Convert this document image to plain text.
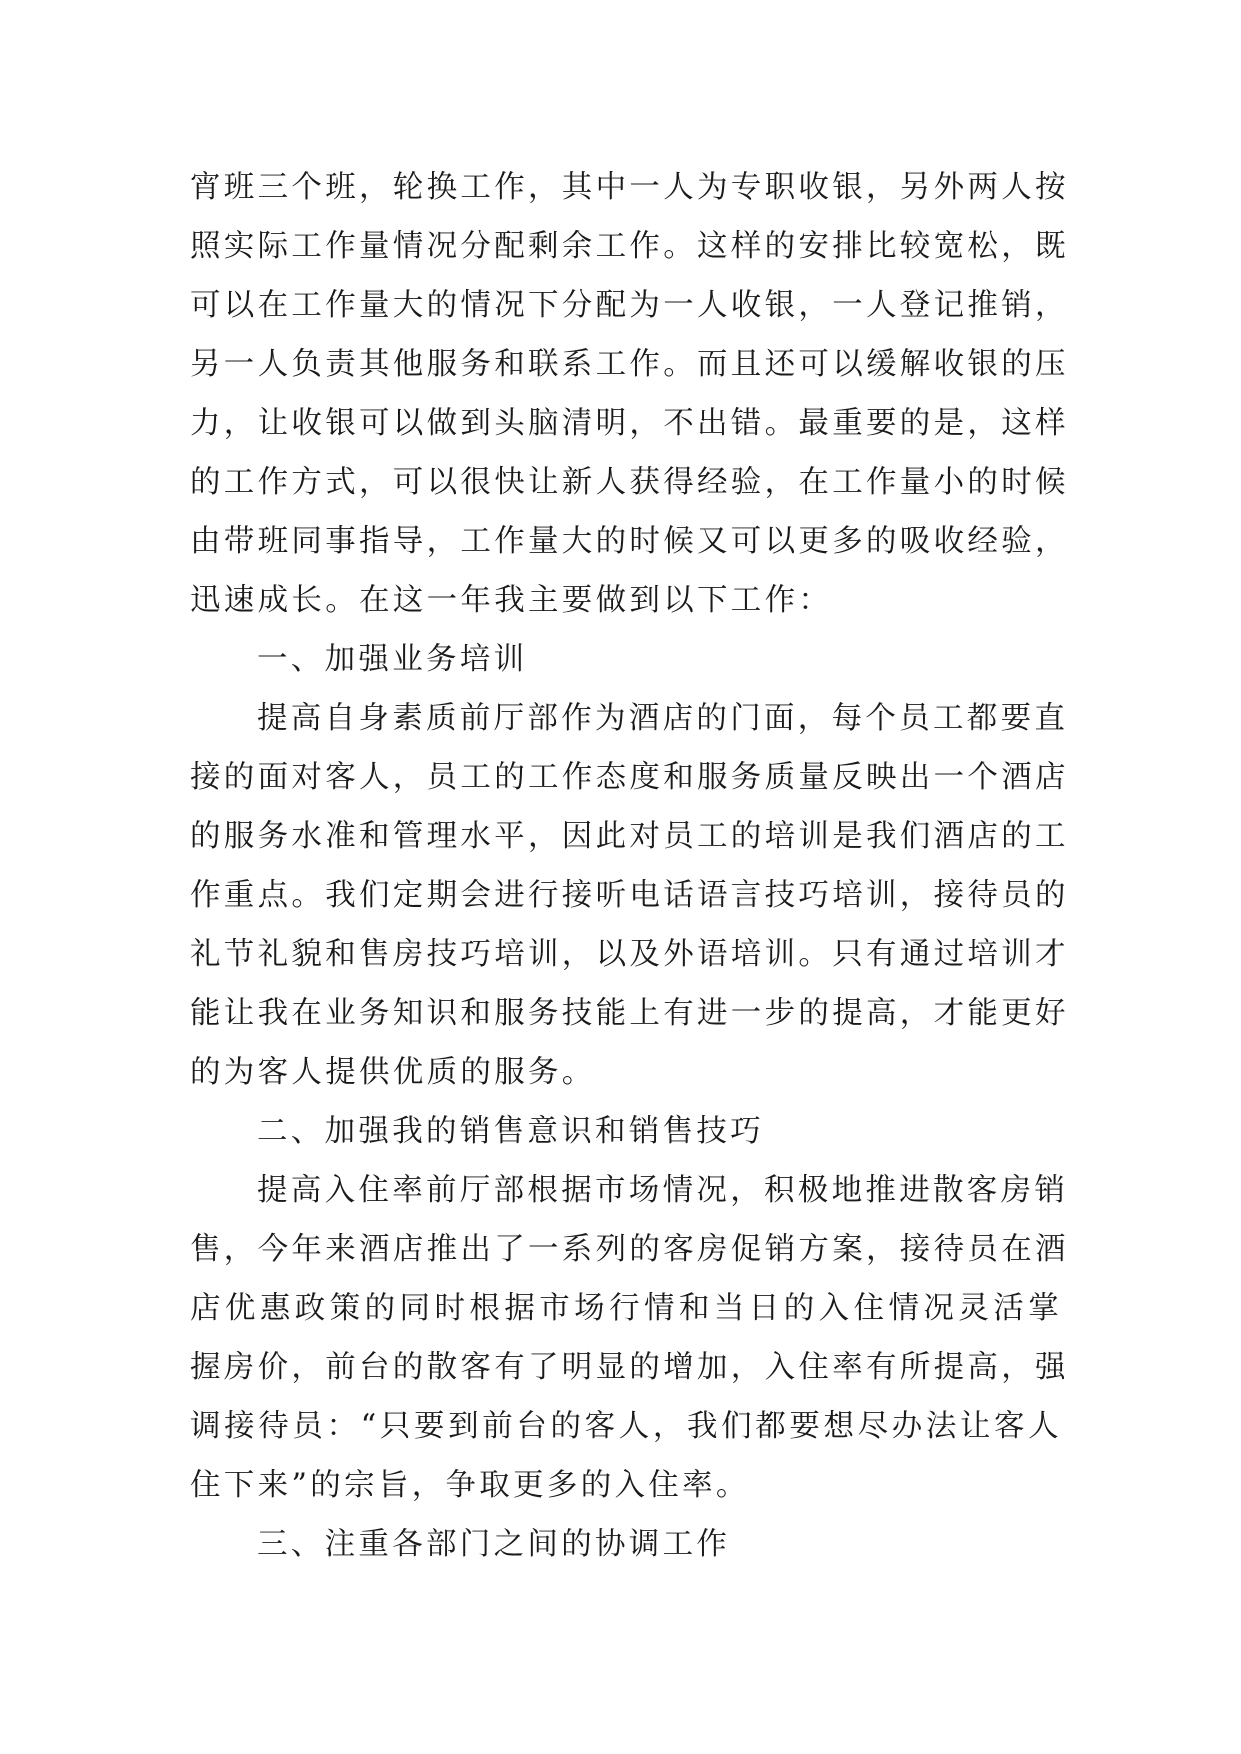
宵班三个班，轮换工作，其中一人为专职收银，另外两人按
照实际工作量情况分配剩余工作。这样的安排比较宽松，既
可以在工作量大的情况下分配为一人收银，一人登记推销，
另一人负责其他服务和联系工作。而且还可以缓解收银的压
力，让收银可以做到头脑清明，不出错。最重要的是，这样
的工作方式，可以很快让新人获得经验，在工作量小的时候
由带班同事指导，工作量大的时候又可以更多的吸收经验，
迅速成长。在这一年我主要做到以下工作：
一、加强业务培训
提高自身素质前厅部作为酒店的门面，每个员工都要直
接的面对客人，员工的工作态度和服务质量反映出一个酒店
的服务水准和管理水平，因此对员工的培训是我们酒店的工
作重点。我们定期会进行接听电话语言技巧培训，接待员的
礼节礼貌和售房技巧培训，以及外语培训。只有通过培训才
能让我在业务知识和服务技能上有进一步的提高，才能更好
的为客人提供优质的服务。
二、加强我的销售意识和销售技巧
提高入住率前厅部根据市场情况，积极地推进散客房销
售，今年来酒店推出了一系列的客房促销方案，接待员在酒
店优惠政策的同时根据市场行情和当日的入住情况灵活掌
握房价，前台的散客有了明显的增加，入住率有所提高，强
调接待员：“只要到前台的客人，我们都要想尽办法让客人
住下来”的宗旨，争取更多的入住率。
三、注重各部门之间的协调工作
